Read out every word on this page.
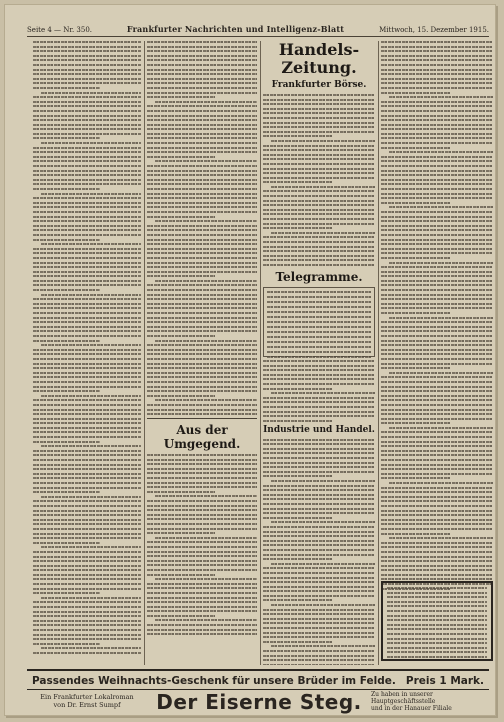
Seite 4 — Nr. 350.	Frankfurter Nachrichten und Intelligenz-Blatt	Mittwoch, 15. Dezember 1915.
Aus der Umgegend.
Handels-Zeitung.
Frankfurter Börse.
Telegramme.
Industrie und Handel.
Passendes Weihnachts-Geschenk für unsere Brüder im Felde. Preis 1 Mark.
Ein Frankfurter Lokalroman
von Dr. Ernst Sumpf	Der Eiserne Steg.	Zu haben in unserer Hauptgeschäftsstelle
und in der Hanauer Filiale
